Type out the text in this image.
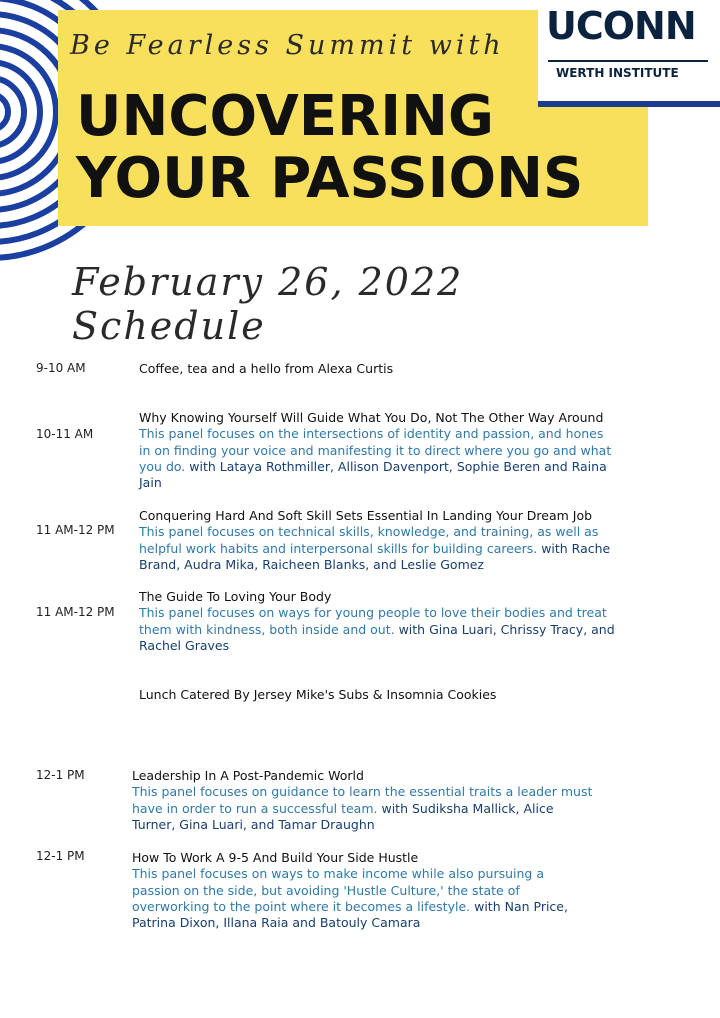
Be Fearless Summit with
UNCOVERING
YOUR PASSIONS
UCONN
WERTH INSTITUTE
February 26, 2022 Schedule
9-10 AM
10-11 AM
11 AM-12 PM
11 AM-12 PM
12-1 PM
12-1 PM
Coffee, tea and a hello from Alexa Curtis
Why Knowing Yourself Will Guide What You Do, Not The Other Way Around
This panel focuses on the intersections of identity and passion, and hones in on finding your voice and manifesting it to direct where you go and what you do. with Lataya Rothmiller, Allison Davenport, Sophie Beren and Raina Jain
Conquering Hard And Soft Skill Sets Essential In Landing Your Dream Job
This panel focuses on technical skills, knowledge, and training, as well as helpful work habits and interpersonal skills for building careers. with Rache Brand, Audra Mika, Raicheen Blanks, and Leslie Gomez
The Guide To Loving Your Body
This panel focuses on ways for young people to love their bodies and treat them with kindness, both inside and out. with Gina Luari, Chrissy Tracy, and Rachel Graves
Lunch Catered By Jersey Mike's Subs & Insomnia Cookies
Leadership In A Post-Pandemic World
This panel focuses on guidance to learn the essential traits a leader must have in order to run a successful team. with Sudiksha Mallick, Alice Turner, Gina Luari, and Tamar Draughn
How To Work A 9-5 And Build Your Side Hustle
This panel focuses on ways to make income while also pursuing a passion on the side, but avoiding 'Hustle Culture,' the state of overworking to the point where it becomes a lifestyle. with Nan Price, Patrina Dixon, Illana Raia and Batouly Camara
